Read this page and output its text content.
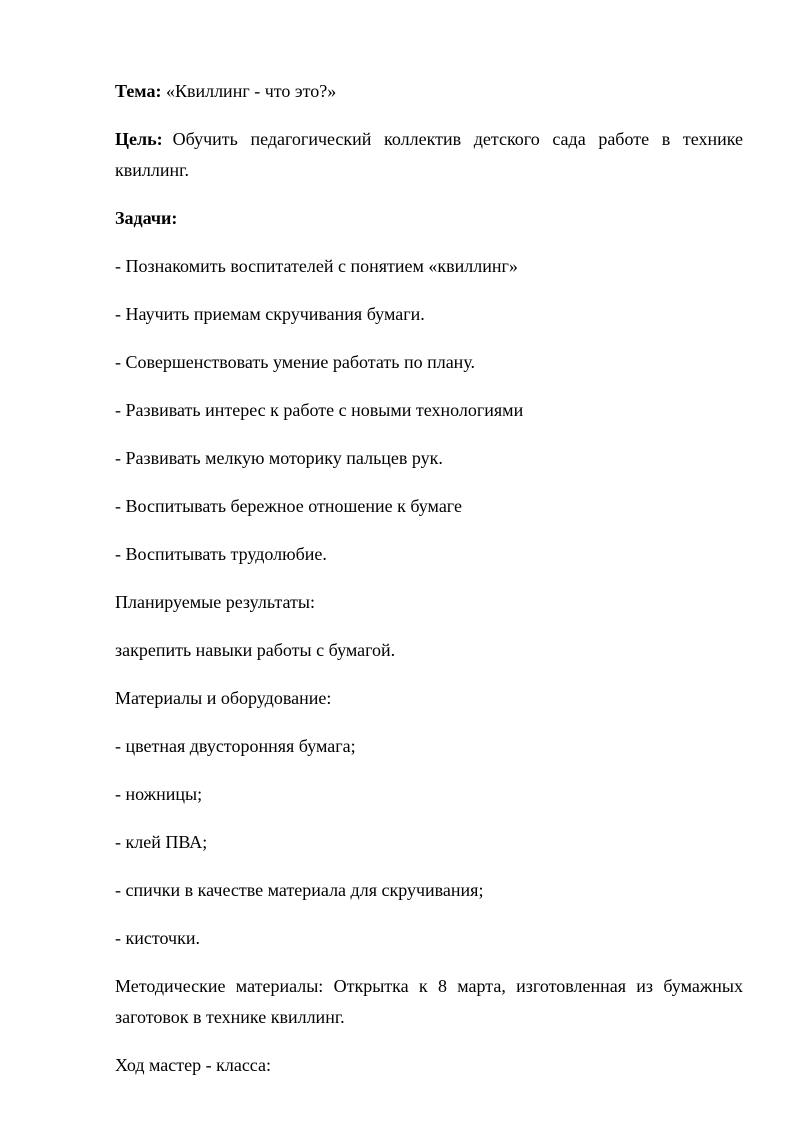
Тема: «Квиллинг - что это?»

Цель: Обучить педагогический коллектив детского сада работе в технике квиллинг.

Задачи:

- Познакомить воспитателей с понятием «квиллинг»

- Научить приемам скручивания бумаги.

- Совершенствовать умение работать по плану.

- Развивать интерес к работе с новыми технологиями

- Развивать мелкую моторику пальцев рук.

- Воспитывать бережное отношение к бумаге

- Воспитывать трудолюбие.

Планируемые результаты:

закрепить навыки работы с бумагой.

Материалы и оборудование:

- цветная двусторонняя бумага;

- ножницы;

- клей ПВА;

- спички в качестве материала для скручивания;

- кисточки.

Методические материалы: Открытка к 8 марта, изготовленная из бумажных заготовок в технике квиллинг.

Ход мастер - класса:
